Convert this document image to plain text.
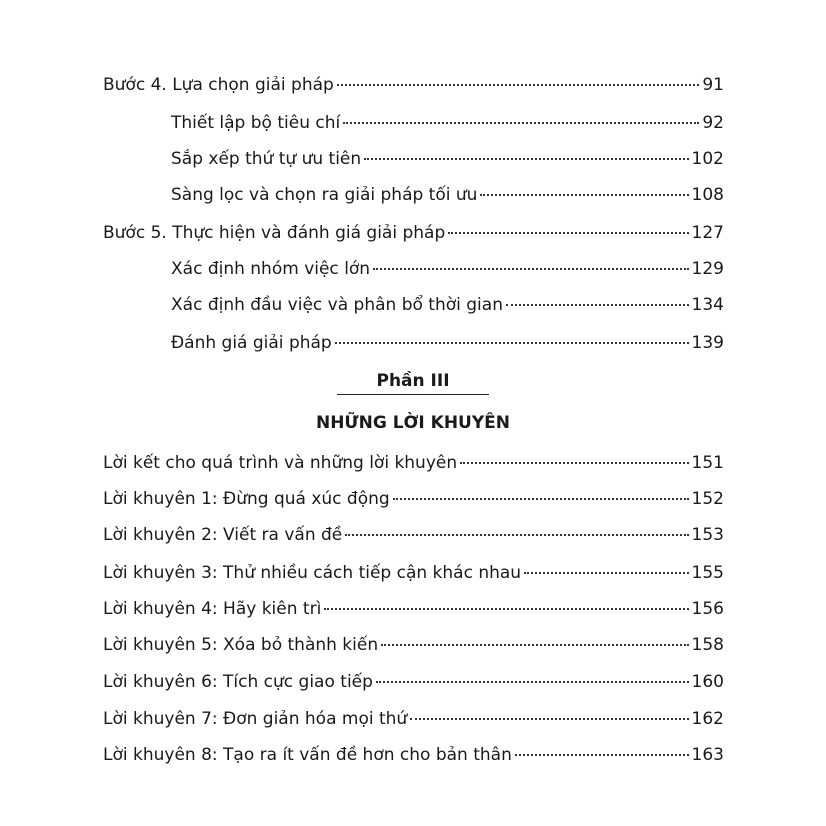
Bước 4. Lựa chọn giải pháp	91
Thiết lập bộ tiêu chí	92
Sắp xếp thứ tự ưu tiên	102
Sàng lọc và chọn ra giải pháp tối ưu	108
Bước 5. Thực hiện và đánh giá giải pháp	127
Xác định nhóm việc lớn	129
Xác định đầu việc và phân bổ thời gian	134
Đánh giá giải pháp	139
Phần III
NHỮNG LỜI KHUYÊN
Lời kết cho quá trình và những lời khuyên	151
Lời khuyên 1: Đừng quá xúc động	152
Lời khuyên 2: Viết ra vấn đề	153
Lời khuyên 3: Thử nhiều cách tiếp cận khác nhau	155
Lời khuyên 4: Hãy kiên trì	156
Lời khuyên 5: Xóa bỏ thành kiến	158
Lời khuyên 6: Tích cực giao tiếp	160
Lời khuyên 7: Đơn giản hóa mọi thứ	162
Lời khuyên 8: Tạo ra ít vấn đề hơn cho bản thân	163
